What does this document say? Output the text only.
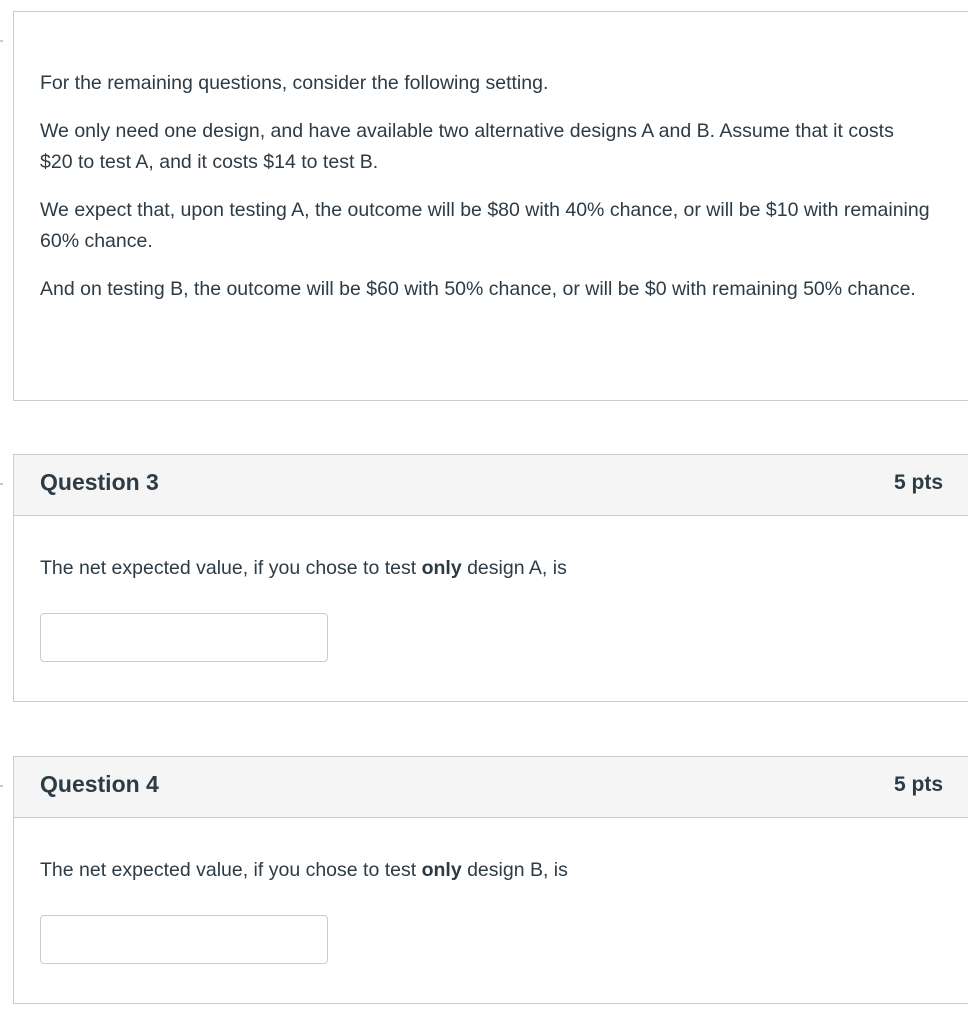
For the remaining questions, consider the following setting.

We only need one design, and have available two alternative designs A and B. Assume that it costs $20 to test A, and it costs $14 to test B.

We expect that, upon testing A, the outcome will be $80 with 40% chance, or will be $10 with remaining 60% chance.

And on testing B, the outcome will be $60 with 50% chance, or will be $0 with remaining 50% chance.

Question 3	5 pts

The net expected value, if you chose to test only design A, is

Question 4	5 pts

The net expected value, if you chose to test only design B, is
